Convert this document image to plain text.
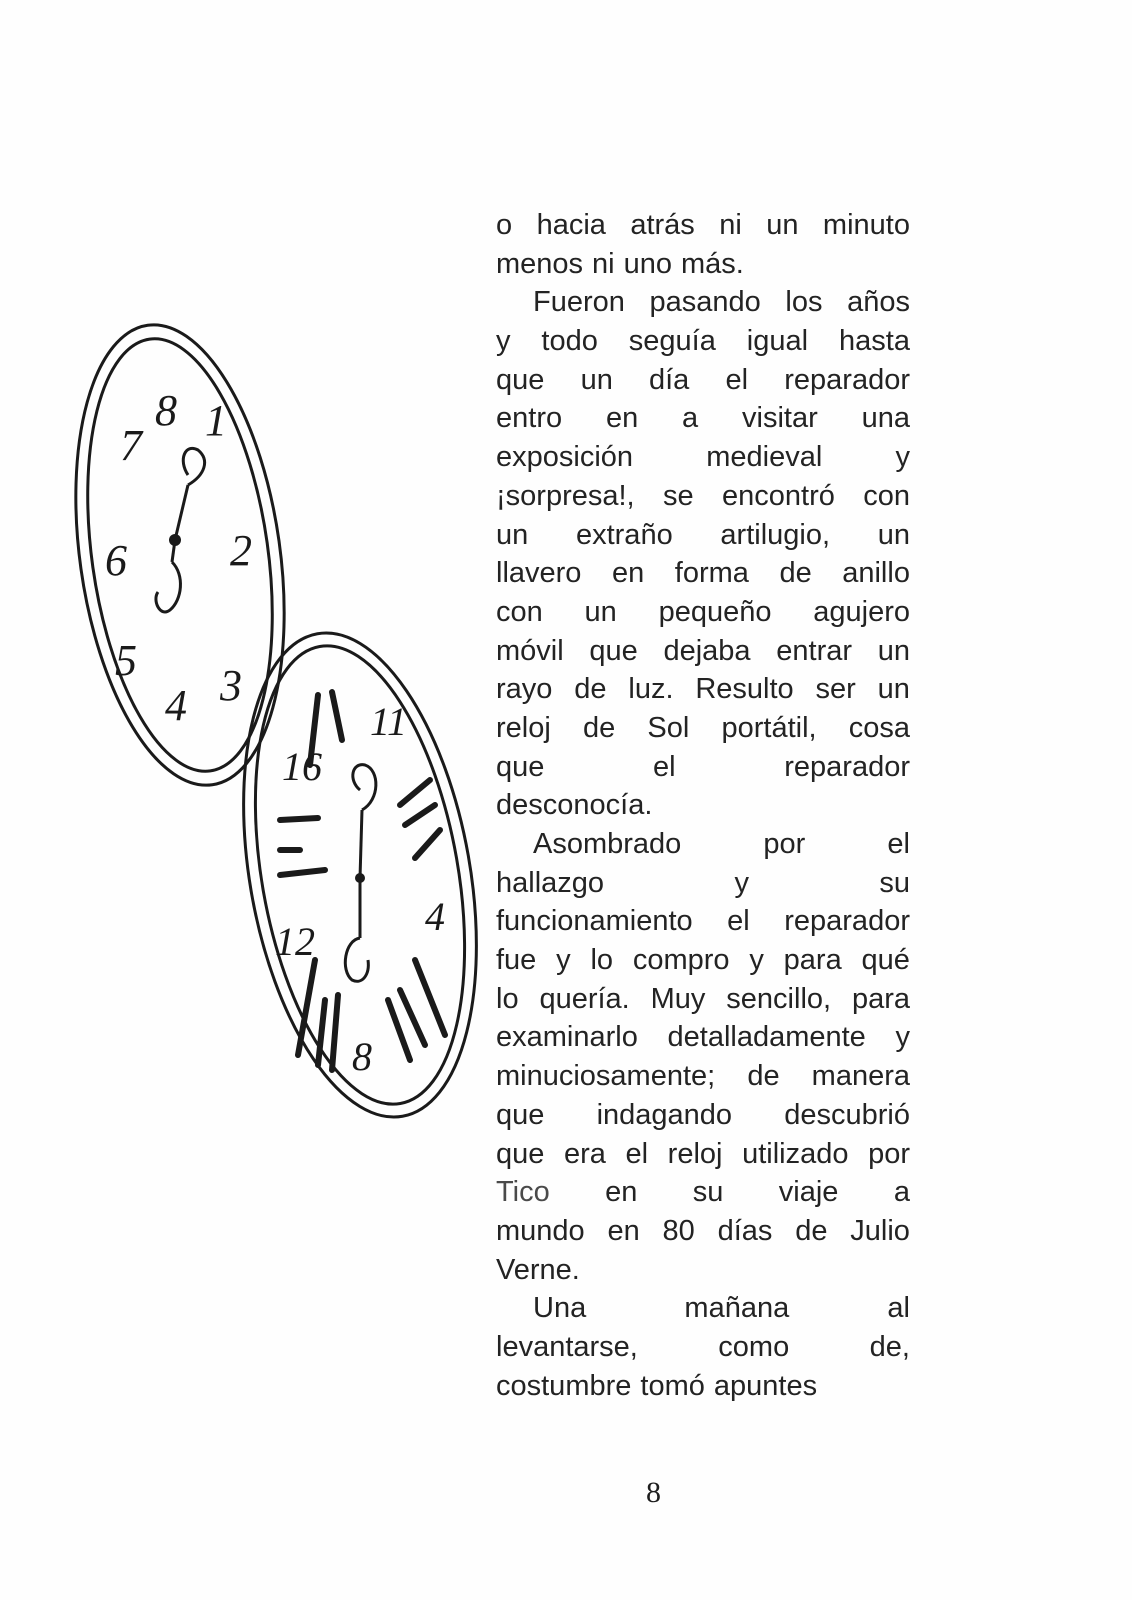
7
8 1
6 2
5
4 3
16
11
12
4
8
o hacia atrás ni un minuto
menos ni uno más.
Fueron pasando los años
y todo seguía igual hasta
que un día el reparador
entro en a visitar una
exposición	medieval	y
¡sorpresa!, se encontró con
un extraño artilugio, un
llavero en forma de anillo
con un pequeño agujero
móvil que dejaba entrar un
rayo de luz. Resulto ser un
reloj de Sol portátil, cosa
que	el	reparador
desconocía.
Asombrado	por	el
hallazgo	y	su
funcionamiento el reparador
fue y lo compro y para qué
lo quería. Muy sencillo, para
examinarlo detalladamente y
minuciosamente; de manera
que indagando descubrió
que era el reloj utilizado por
Tico en su viaje a
mundo en 80 días de Julio
Verne.
Una	mañana	al
levantarse,	como	de,
costumbre tomó apuntes
8
